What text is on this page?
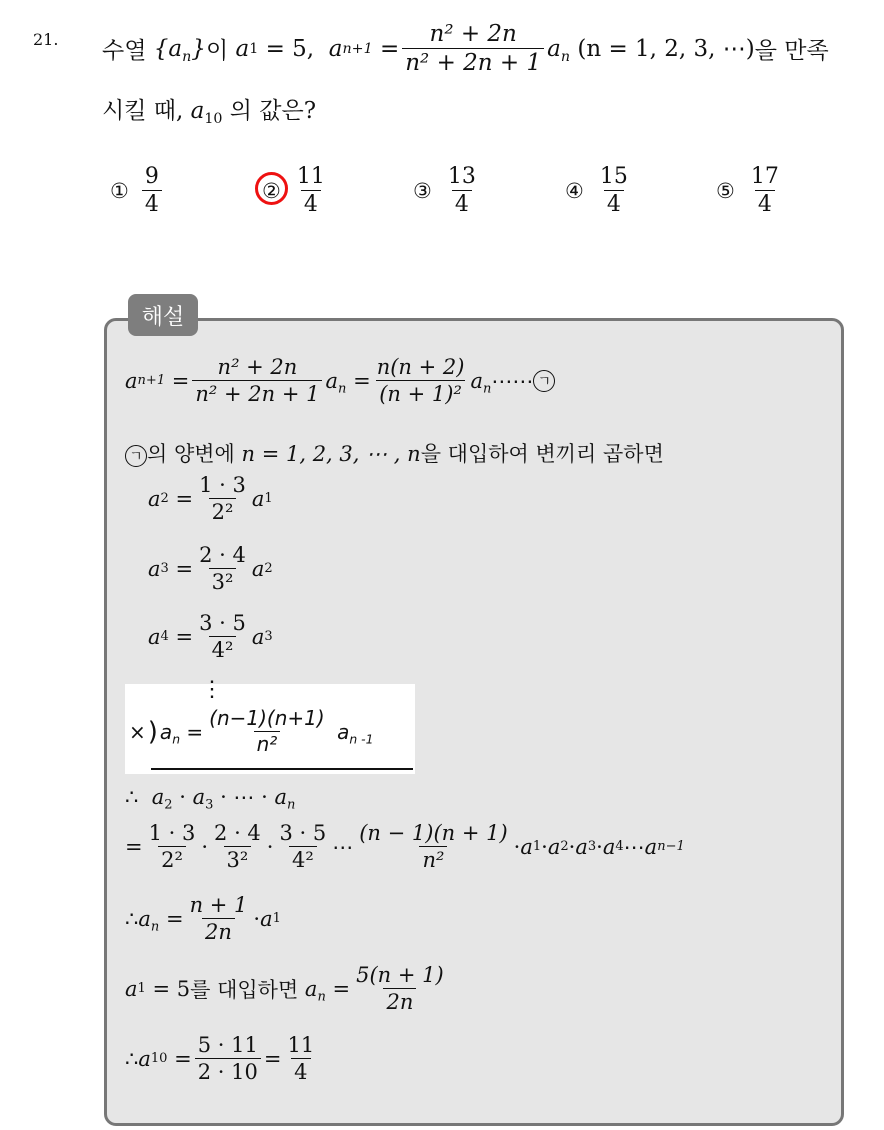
21. 수열
$\{a_n\}$ 이
a 1
= 5,
a $n+1 = \frac{\text{n² + 2n}}{\text{n² + 2n + 1}} a_n$
(n = 1, 2, 3, ⋯) 을 만족
시킬 때, $a_{10}$ 의 값은?
① $\frac{9}{4}$	② $\frac{11}{4}$	③ $\frac{13}{4}$	④ $\frac{15}{4}$	⑤ $\frac{17}{4}$
해설
a $n+1 = \frac{\text{n² + 2n}}{\text{n² + 2n + 1}} a_n = \frac{n(n + 2)}{\text{(n + 1)²}} a_n$ ⋯⋯ ㄱ
ㄱ 의 양변에 n = 1, 2, 3, ⋯ , n을 대입하여 변끼리 곱하면
a $2 = \frac{1 \cdot 3}{\text{2²}}$ a 1
a $3 = \frac{2 \cdot 4}{\text{3²}}$ a 2
a $4 = \frac{3 \cdot 5}{\text{4²}}$ a 3
⋮
× ) $a_n = \frac{(n-1)(n+1)}{\text{n²}}$
$a_{n -1}$
∴ $a_2 \cdot a_3$ · ⋯ · $a_n$
= $\frac{1 \cdot 3}{\text{2²}} \cdot \frac{2 \cdot 4}{\text{3²}} \cdot \frac{3 \cdot 5}{\text{4²}}$ ⋯ $\frac{(n - 1)(n + 1)}{\text{n²}} \cdot a$ 1 · a 2 · a 3 · a 4 ⋯ a n−1
∴ $a_n = \frac{n + 1}{2n} \cdot a$ 1
a 1 = 5 를 대입하면
$a_n = \frac{5(n + 1)}{2n}$
∴ a $10 = \frac{5 \cdot 11}{2 \cdot 10} = \frac{11}{4}$
